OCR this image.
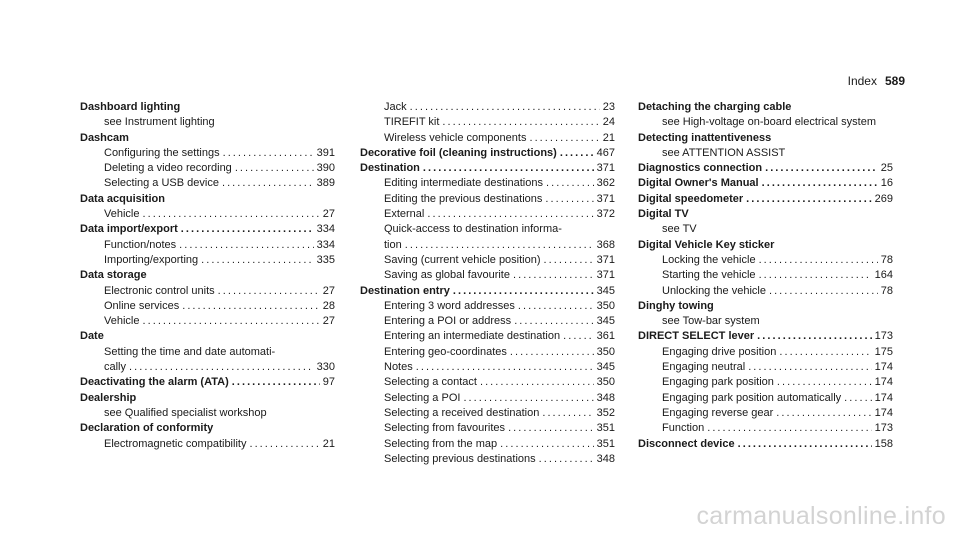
Index 589
Dashboard lighting
see Instrument lighting
Dashcam
Configuring the settings . . .	391
Deleting a video recording . . .	390
Selecting a USB device . . .	389
Data acquisition
Vehicle . . .	27
Data import/export . . .	334
Function/notes . . .	334
Importing/exporting . . .	335
Data storage
Electronic control units . . .	27
Online services . . .	28
Vehicle . . .	27
Date
Setting the time and date automati-
cally . . .	330
Deactivating the alarm (ATA) . . .	97
Dealership
see Qualified specialist workshop
Declaration of conformity
Electromagnetic compatibility . . .	21
Jack . . .	23
TIREFIT kit . . .	24
Wireless vehicle components . . .	21
Decorative foil (cleaning instructions) . . .	467
Destination . . .	371
Editing intermediate destinations . . .	362
Editing the previous destinations . . .	371
External . . .	372
Quick-access to destination informa-
tion . . .	368
Saving (current vehicle position) . . .	371
Saving as global favourite . . .	371
Destination entry . . .	345
Entering 3 word addresses . . .	350
Entering a POI or address . . .	345
Entering an intermediate destination . . .	361
Entering geo-coordinates . . .	350
Notes . . .	345
Selecting a contact . . .	350
Selecting a POI . . .	348
Selecting a received destination . . .	352
Selecting from favourites . . .	351
Selecting from the map . . .	351
Selecting previous destinations . . .	348
Detaching the charging cable
see High-voltage on-board electrical system
Detecting inattentiveness
see ATTENTION ASSIST
Diagnostics connection . . .	25
Digital Owner's Manual . . .	16
Digital speedometer . . .	269
Digital TV
see TV
Digital Vehicle Key sticker
Locking the vehicle . . .	78
Starting the vehicle . . .	164
Unlocking the vehicle . . .	78
Dinghy towing
see Tow-bar system
DIRECT SELECT lever . . .	173
Engaging drive position . . .	175
Engaging neutral . . .	174
Engaging park position . . .	174
Engaging park position automatically . . .	174
Engaging reverse gear . . .	174
Function . . .	173
Disconnect device . . .	158
carmanualsonline.info
